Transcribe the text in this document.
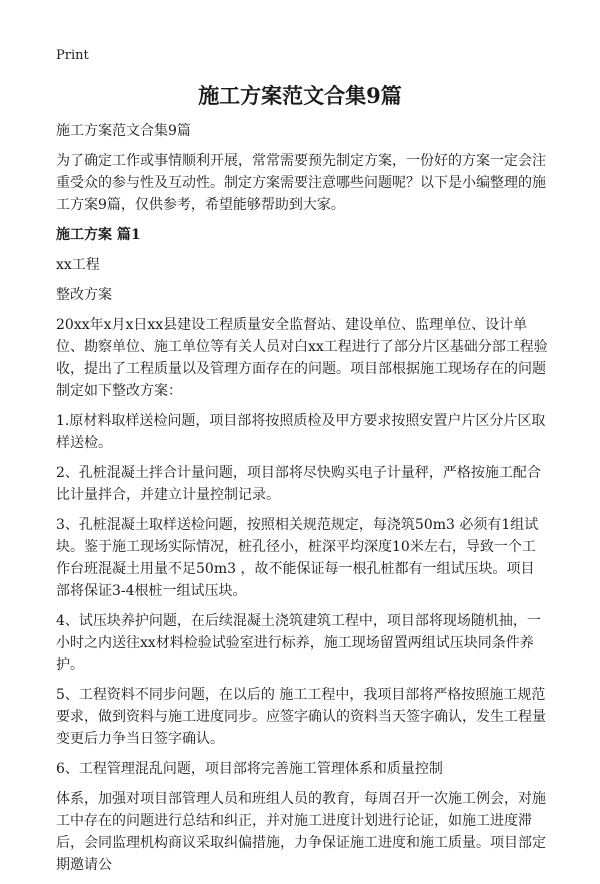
Print
施工方案范文合集9篇

施工方案范文合集9篇

为了确定工作或事情顺利开展，常常需要预先制定方案，一份好的方案一定会注重受众的参与性及互动性。制定方案需要注意哪些问题呢？以下是小编整理的施工方案9篇，仅供参考，希望能够帮助到大家。

施工方案 篇1

xx工程

整改方案

20xx年x月x日xx县建设工程质量安全监督站、建设单位、监理单位、设计单位、勘察单位、施工单位等有关人员对白xx工程进行了部分片区基础分部工程验收，提出了工程质量以及管理方面存在的问题。项目部根据施工现场存在的问题制定如下整改方案：

1.原材料取样送检问题，项目部将按照质检及甲方要求按照安置户片区分片区取样送检。

2、孔桩混凝土拌合计量问题，项目部将尽快购买电子计量秤，严格按施工配合比计量拌合，并建立计量控制记录。

3、孔桩混凝土取样送检问题，按照相关规范规定，每浇筑50m3 必须有1组试块。鉴于施工现场实际情况，桩孔径小，桩深平均深度10米左右，导致一个工作台班混凝土用量不足50m3 ，故不能保证每一根孔桩都有一组试压块。项目部将保证3-4根桩一组试压块。

4、试压块养护问题，在后续混凝土浇筑建筑工程中，项目部将现场随机抽，一小时之内送往xx材料检验试验室进行标养，施工现场留置两组试压块同条件养护。

5、工程资料不同步问题，在以后的 施工工程中，我项目部将严格按照施工规范要求，做到资料与施工进度同步。应签字确认的资料当天签字确认，发生工程量变更后力争当日签字确认。

6、工程管理混乱问题，项目部将完善施工管理体系和质量控制

体系，加强对项目部管理人员和班组人员的教育，每周召开一次施工例会，对施工中存在的问题进行总结和纠正，并对施工进度计划进行论证，如施工进度滞后，会同监理机构商议采取纠偏措施，力争保证施工进度和施工质量。项目部定期邀请公
